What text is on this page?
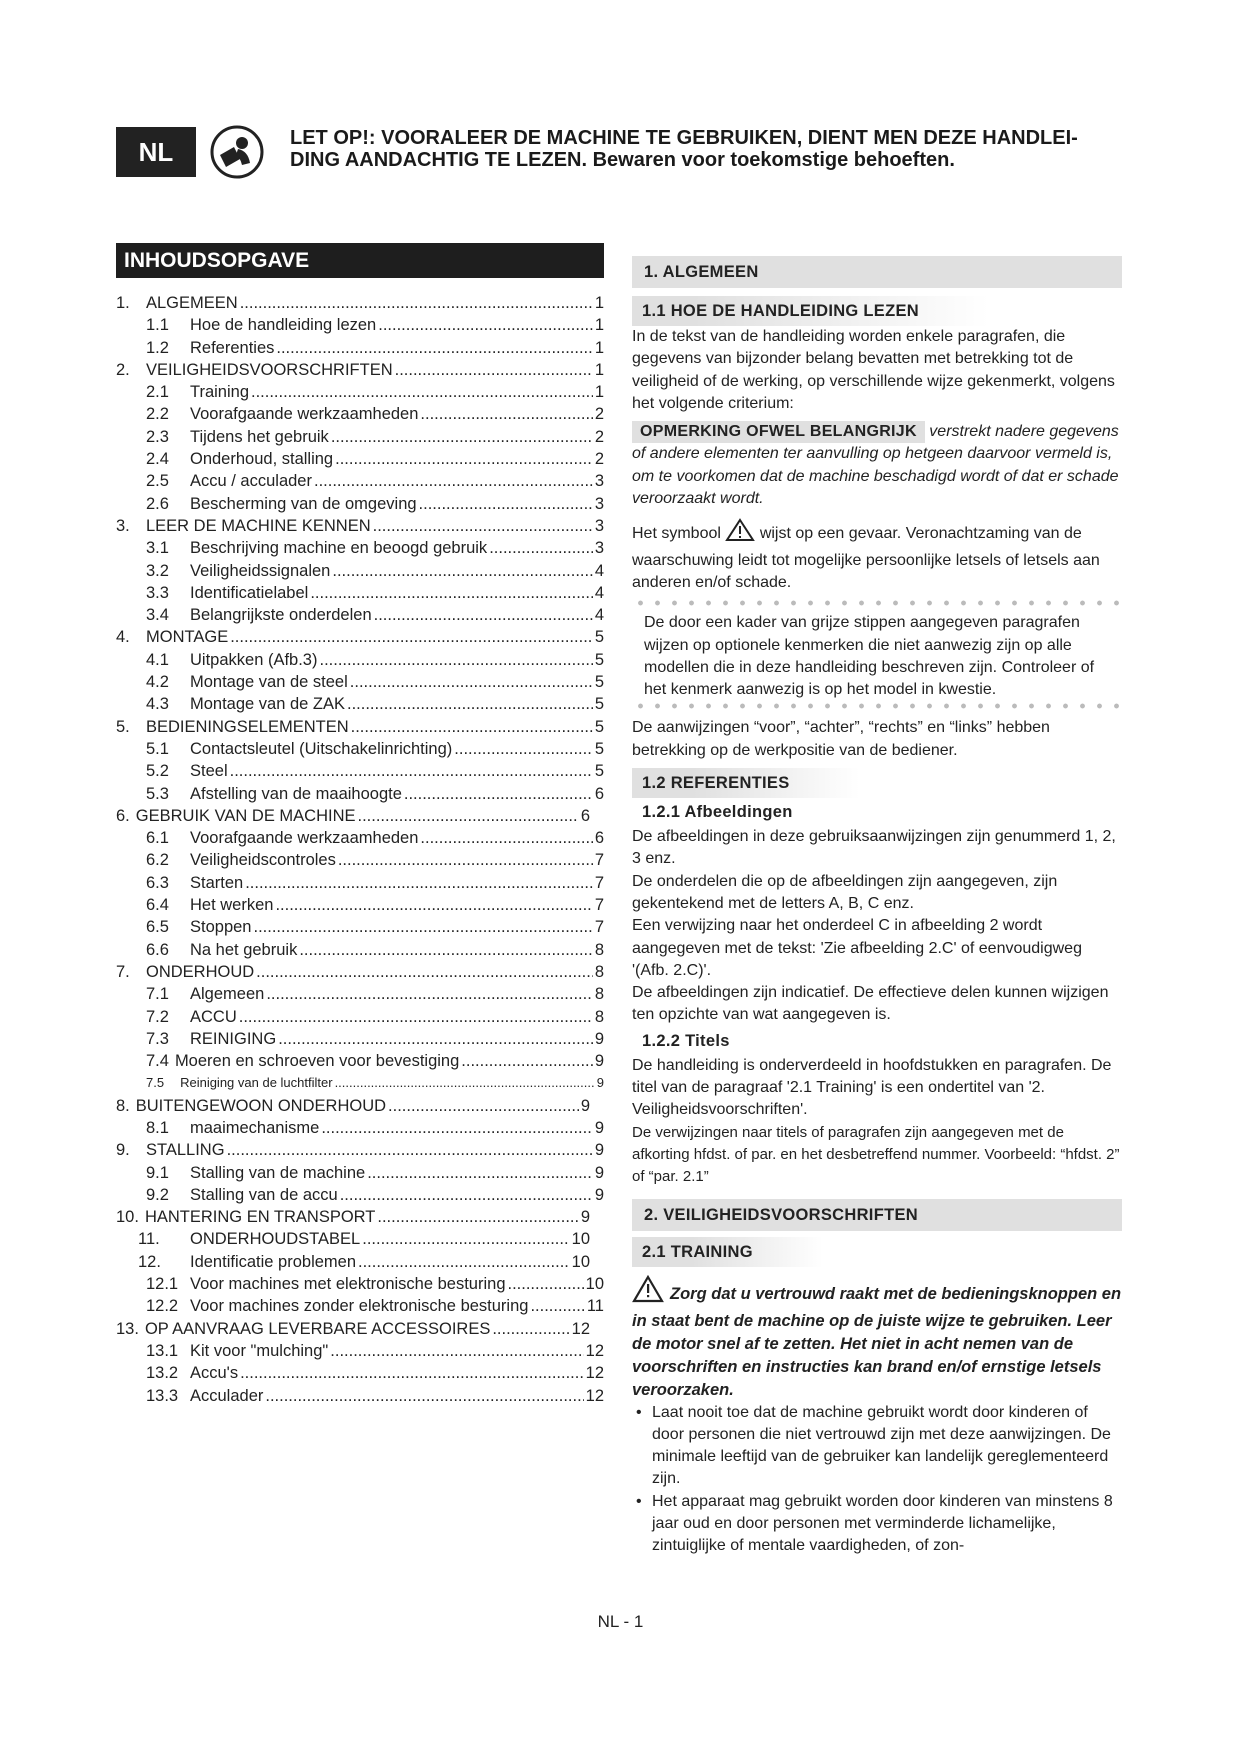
NL	LET OP!: VOORALEER DE MACHINE TE GEBRUIKEN, DIENT MEN DEZE HANDLEI-
DING AANDACHTIG TE LEZEN. Bewaren voor toekomstige behoeften.
INHOUDSOPGAVE
1. ALGEMEEN .....	1
1.1	Hoe de handleiding lezen .....	1
1.2	Referenties .....	1
2. VEILIGHEIDSVOORSCHRIFTEN .....	1
2.1	Training .....	1
2.2	Voorafgaande werkzaamheden .....	2
2.3	Tijdens het gebruik .....	2
2.4	Onderhoud, stalling .....	2
2.5	Accu / acculader .....	3
2.6	Bescherming van de omgeving .....	3
3. LEER DE MACHINE KENNEN .....	3
3.1	Beschrijving machine en beoogd gebruik .....	3
3.2	Veiligheidssignalen .....	4
3.3	Identificatielabel .....	4
3.4	Belangrijkste onderdelen .....	4
4. MONTAGE .....	5
4.1	Uitpakken (Afb.3) .....	5
4.2	Montage van de steel .....	5
4.3	Montage van de ZAK .....	5
5. BEDIENINGSELEMENTEN .....	5
5.1	Contactsleutel (Uitschakelinrichting) .....	5
5.2	Steel .....	5
5.3	Afstelling van de maaihoogte .....	6
6. GEBRUIK VAN DE MACHINE .....	6
6.1	Voorafgaande werkzaamheden .....	6
6.2	Veiligheidscontroles .....	7
6.3	Starten .....	7
6.4	Het werken .....	7
6.5	Stoppen .....	7
6.6	Na het gebruik .....	8
7. ONDERHOUD .....	8
7.1	Algemeen .....	8
7.2	ACCU .....	8
7.3	REINIGING .....	9
7.4 Moeren en schroeven voor bevestiging .....	9
7.5 Reiniging van de luchtfilter .....	9
8. BUITENGEWOON ONDERHOUD .....	9
8.1	maaimechanisme .....	9
9. STALLING .....	9
9.1	Stalling van de machine .....	9
9.2	Stalling van de accu .....	9
10. HANTERING EN TRANSPORT .....	9
11.	ONDERHOUDSTABEL .....	10
12.	Identificatie problemen .....	10
12.1 Voor machines met elektronische besturing .....	10
12.2 Voor machines zonder elektronische besturing .....	11
13. OP AANVRAAG LEVERBARE ACCESSOIRES .....	12
13.1 Kit voor "mulching" .....	12
13.2 Accu's .....	12
13.3 Acculader .....	12
1. ALGEMEEN
1.1 HOE DE HANDLEIDING LEZEN

In de tekst van de handleiding worden enkele paragrafen, die gegevens van bijzonder belang bevatten met betrekking tot de veiligheid of de werking, op verschillende wijze gekenmerkt, volgens het volgende criterium:

OPMERKING OFWEL BELANGRIJK verstrekt nadere gegevens of andere elementen ter aanvulling op hetgeen daarvoor vermeld is, om te voorkomen dat de machine beschadigd wordt of dat er schade veroorzaakt wordt.

Het symbool  wijst op een gevaar. Veronachtzaming van de waarschuwing leidt tot mogelijke persoonlijke letsels of letsels aan anderen en/of schade.

De door een kader van grijze stippen aangegeven paragrafen wijzen op optionele kenmerken die niet aanwezig zijn op alle modellen die in deze handleiding beschreven zijn. Controleer of het kenmerk aanwezig is op het model in kwestie.

De aanwijzingen “voor”, “achter”, “rechts” en “links” hebben betrekking op de werkpositie van de bediener.

1.2 REFERENTIES
1.2.1 Afbeeldingen

De afbeeldingen in deze gebruiksaanwijzingen zijn genummerd 1, 2, 3 enz.

De onderdelen die op de afbeeldingen zijn aangegeven, zijn gekentekend met de letters A, B, C enz.

Een verwijzing naar het onderdeel C in afbeelding 2 wordt aangegeven met de tekst: 'Zie afbeelding 2.C' of eenvoudigweg '(Afb. 2.C)'.

De afbeeldingen zijn indicatief. De effectieve delen kunnen wijzigen ten opzichte van wat aangegeven is.

1.2.2 Titels

De handleiding is onderverdeeld in hoofdstukken en paragrafen. De titel van de paragraaf '2.1 Training' is een ondertitel van '2. Veiligheidsvoorschriften'.

De verwijzingen naar titels of paragrafen zijn aangegeven met de afkorting hfdst. of par. en het desbetreffend nummer. Voorbeeld: “hfdst. 2” of “par. 2.1”

2. VEILIGHEIDSVOORSCHRIFTEN
2.1 TRAINING

Zorg dat u vertrouwd raakt met de bedieningsknoppen en in staat bent de machine op de juiste wijze te gebruiken. Leer de motor snel af te zetten. Het niet in acht nemen van de voorschriften en instructies kan brand en/of ernstige letsels veroorzaken.

• Laat nooit toe dat de machine gebruikt wordt door kinderen of door personen die niet vertrouwd zijn met deze aanwijzingen. De minimale leeftijd van de gebruiker kan landelijk gereglementeerd zijn.
• Het apparaat mag gebruikt worden door kinderen van minstens 8 jaar oud en door personen met verminderde lichamelijke, zintuiglijke of mentale vaardigheden, of zon-
NL - 1
